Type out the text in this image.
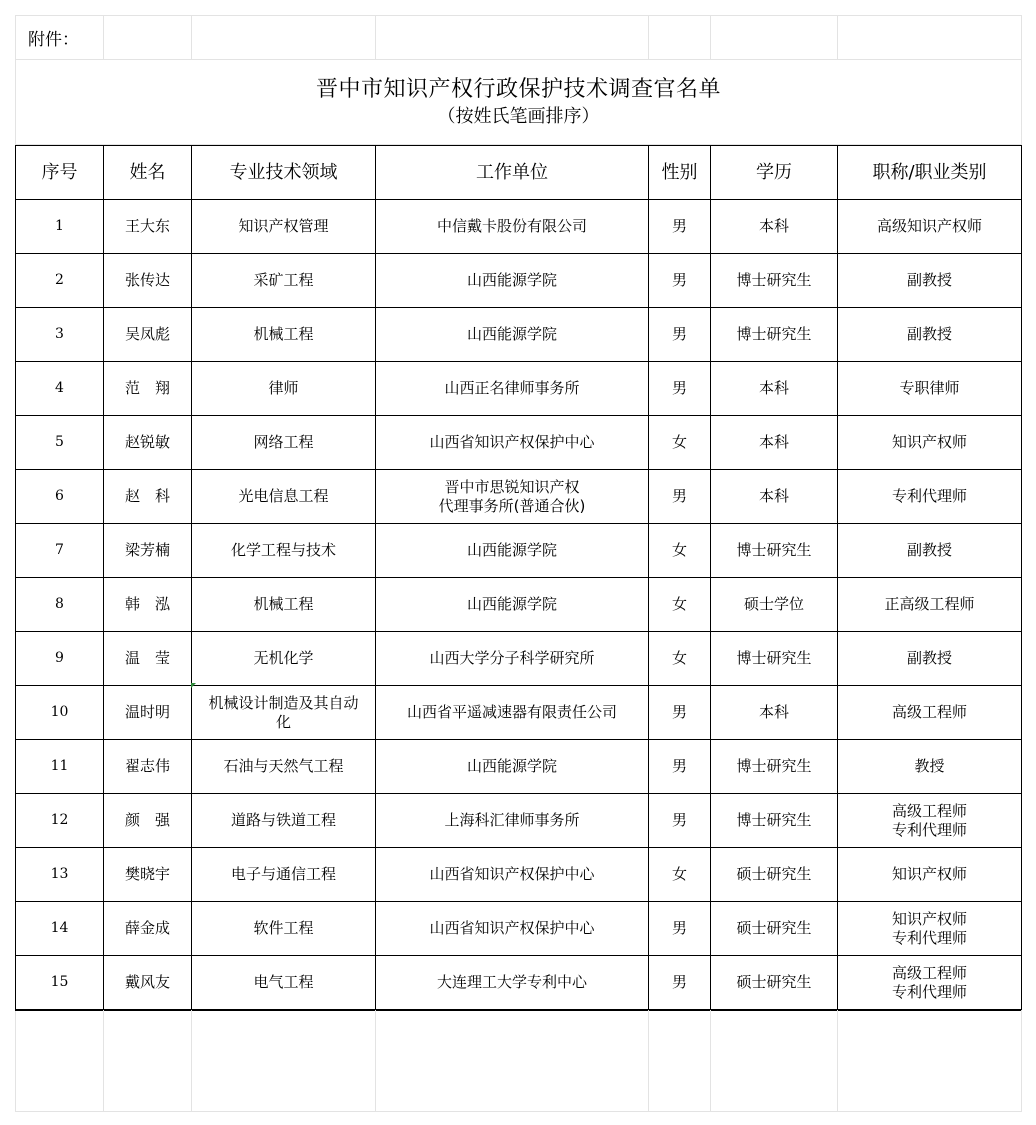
附件：						

晋中市知识产权行政保护技术调查官名单
（按姓氏笔画排序）
序号	姓名	专业技术领域	工作单位	性别	学历	职称/职业类别
1	王大东	知识产权管理	中信戴卡股份有限公司	男	本科	高级知识产权师
2	张传达	采矿工程	山西能源学院	男	博士研究生	副教授
3	吴凤彪	机械工程	山西能源学院	男	博士研究生	副教授
4	范　翔	律师	山西正名律师事务所	男	本科	专职律师
5	赵锐敏	网络工程	山西省知识产权保护中心	女	本科	知识产权师
6	赵　科	光电信息工程	晋中市思锐知识产权
代理事务所(普通合伙)	男	本科	专利代理师
7	梁芳楠	化学工程与技术	山西能源学院	女	博士研究生	副教授
8	韩　泓	机械工程	山西能源学院	女	硕士学位	正高级工程师
9	温　莹	无机化学	山西大学分子科学研究所	女	博士研究生	副教授
10	温时明	机械设计制造及其自动
化	山西省平遥减速器有限责任公司	男	本科	高级工程师
11	翟志伟	石油与天然气工程	山西能源学院	男	博士研究生	教授
12	颜　强	道路与铁道工程	上海科汇律师事务所	男	博士研究生	高级工程师
专利代理师
13	樊晓宇	电子与通信工程	山西省知识产权保护中心	女	硕士研究生	知识产权师
14	薛金成	软件工程	山西省知识产权保护中心	男	硕士研究生	知识产权师
专利代理师
15	戴风友	电气工程	大连理工大学专利中心	男	硕士研究生	高级工程师
专利代理师
